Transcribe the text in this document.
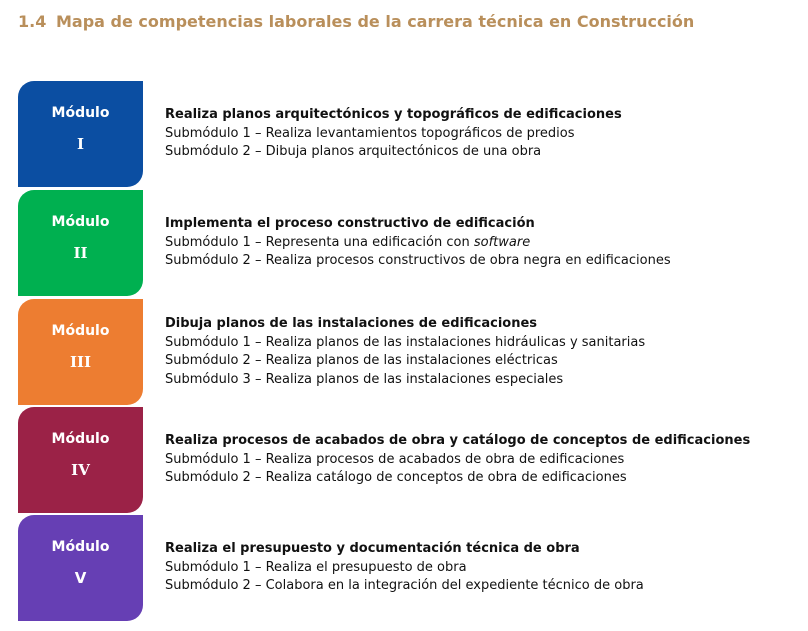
1.4 Mapa de competencias laborales de la carrera técnica en Construcción
Módulo
I
Realiza planos arquitectónicos y topográficos de edificaciones
Submódulo 1 – Realiza levantamientos topográficos de predios
Submódulo 2 – Dibuja planos arquitectónicos de una obra
Módulo
II
Implementa el proceso constructivo de edificación
Submódulo 1 – Representa una edificación con software
Submódulo 2 – Realiza procesos constructivos de obra negra en edificaciones
Módulo
III
Dibuja planos de las instalaciones de edificaciones
Submódulo 1 – Realiza planos de las instalaciones hidráulicas y sanitarias
Submódulo 2 – Realiza planos de las instalaciones eléctricas
Submódulo 3 – Realiza planos de las instalaciones especiales
Módulo
IV
Realiza procesos de acabados de obra y catálogo de conceptos de edificaciones
Submódulo 1 – Realiza procesos de acabados de obra de edificaciones
Submódulo 2 – Realiza catálogo de conceptos de obra de edificaciones
Módulo
V
Realiza el presupuesto y documentación técnica de obra
Submódulo 1 – Realiza el presupuesto de obra
Submódulo 2 – Colabora en la integración del expediente técnico de obra
